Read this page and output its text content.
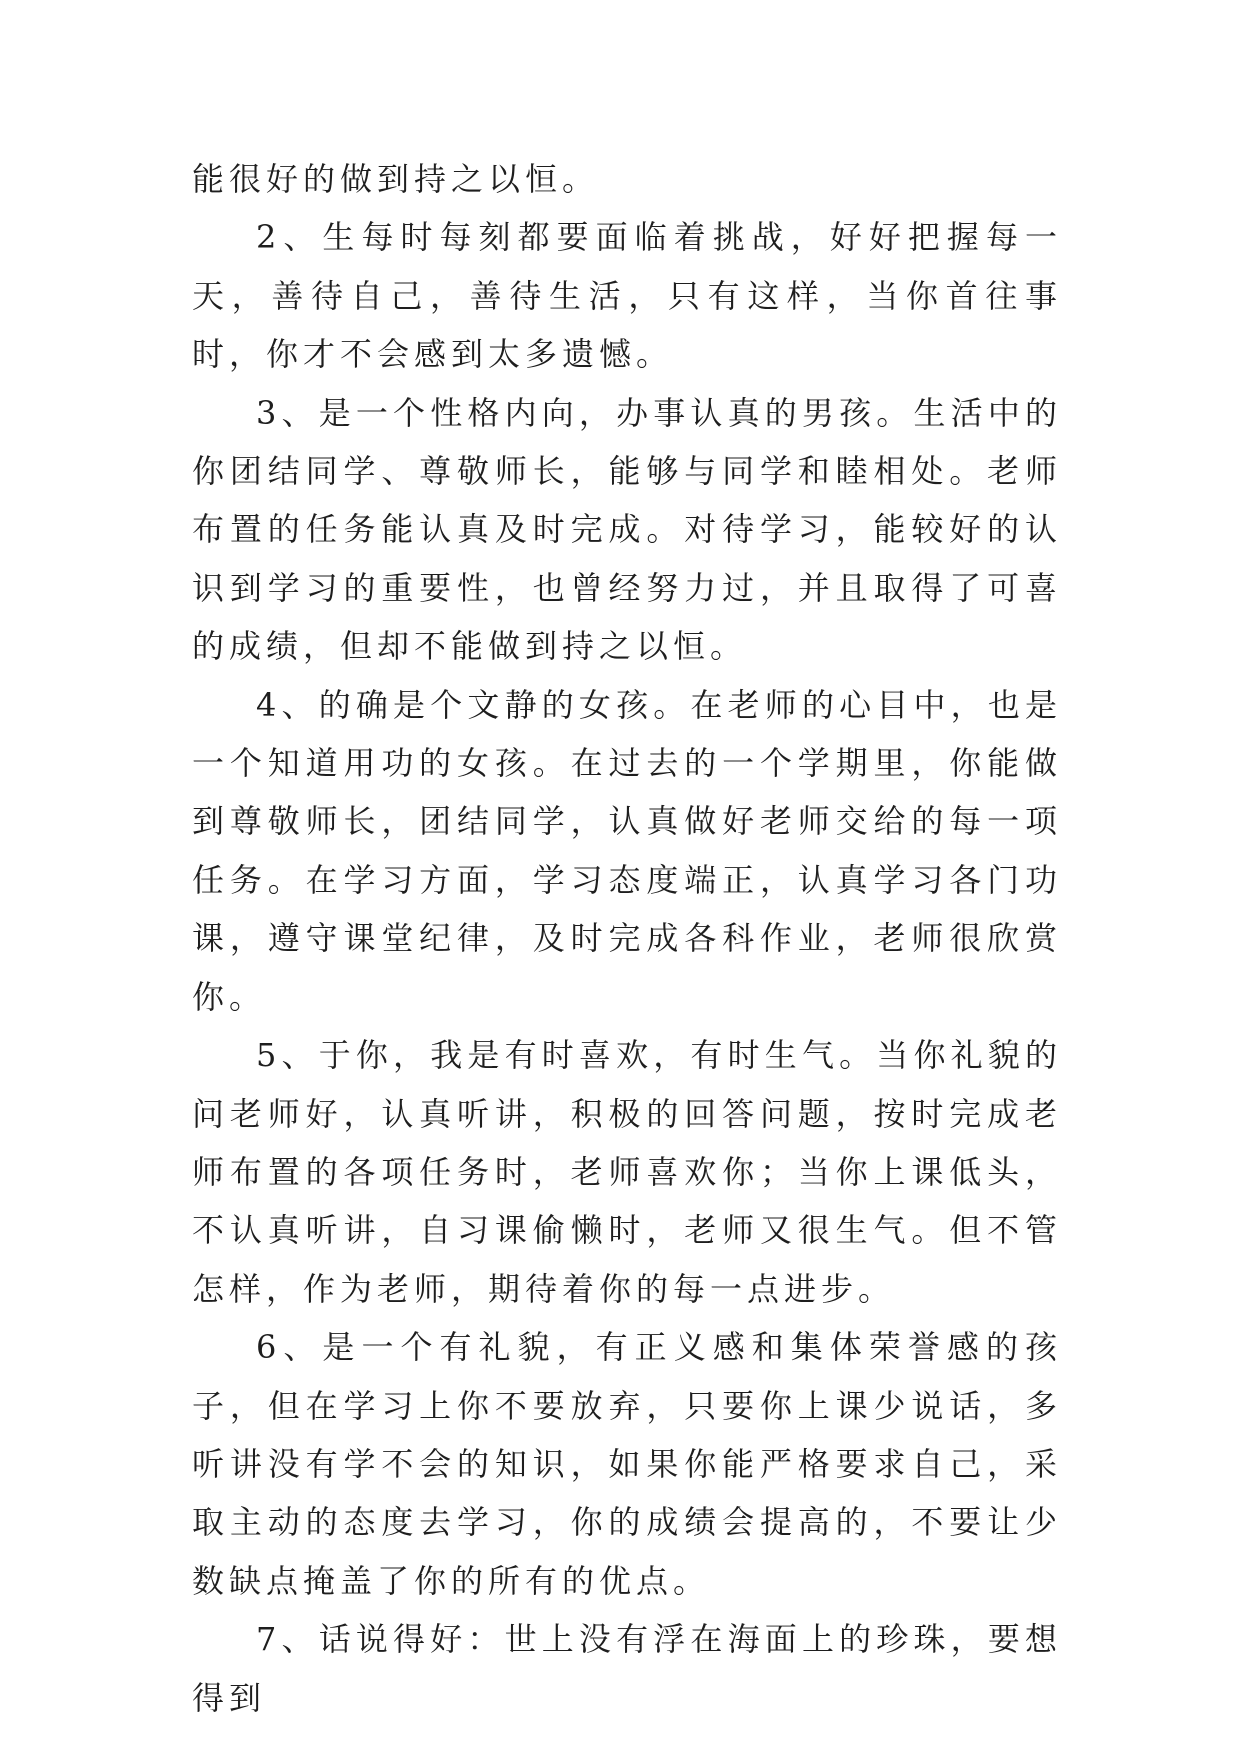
能很好的做到持之以恒。

2、生每时每刻都要面临着挑战，好好把握每一天，善待自己，善待生活，只有这样，当你首往事时，你才不会感到太多遗憾。

3、是一个性格内向，办事认真的男孩。生活中的你团结同学、尊敬师长，能够与同学和睦相处。老师布置的任务能认真及时完成。对待学习，能较好的认识到学习的重要性，也曾经努力过，并且取得了可喜的成绩，但却不能做到持之以恒。

4、的确是个文静的女孩。在老师的心目中，也是一个知道用功的女孩。在过去的一个学期里，你能做到尊敬师长，团结同学，认真做好老师交给的每一项任务。在学习方面，学习态度端正，认真学习各门功课，遵守课堂纪律，及时完成各科作业，老师很欣赏你。

5、于你，我是有时喜欢，有时生气。当你礼貌的问老师好，认真听讲，积极的回答问题，按时完成老师布置的各项任务时，老师喜欢你；当你上课低头，不认真听讲，自习课偷懒时，老师又很生气。但不管怎样，作为老师，期待着你的每一点进步。

6、是一个有礼貌，有正义感和集体荣誉感的孩子，但在学习上你不要放弃，只要你上课少说话，多听讲没有学不会的知识，如果你能严格要求自己，采取主动的态度去学习，你的成绩会提高的，不要让少数缺点掩盖了你的所有的优点。

7、话说得好：世上没有浮在海面上的珍珠，要想得到
